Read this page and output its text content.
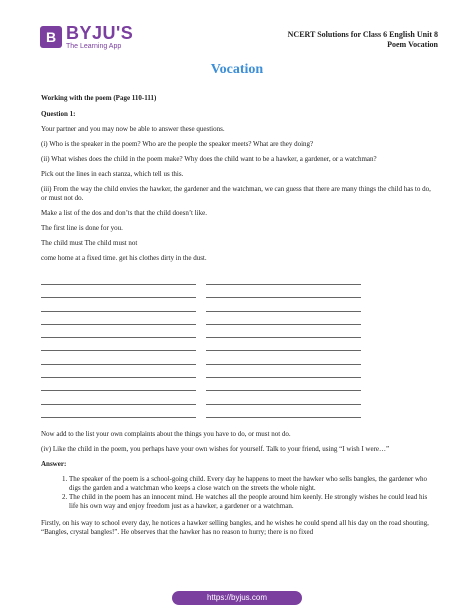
B BYJU'S
The Learning App
NCERT Solutions for Class 6 English Unit 8
Poem Vocation
Vocation

Working with the poem (Page 110-111)

Question 1:

Your partner and you may now be able to answer these questions.

(i) Who is the speaker in the poem? Who are the people the speaker meets? What are they doing?

(ii) What wishes does the child in the poem make? Why does the child want to be a hawker, a gardener, or a watchman?

Pick out the lines in each stanza, which tell us this.

(iii) From the way the child envies the hawker, the gardener and the watchman, we can guess that there are many things the child has to do, or must not do.

Make a list of the dos and don’ts that the child doesn’t like.

The first line is done for you.

The child must The child must not

come home at a fixed time. get his clothes dirty in the dust.

Now add to the list your own complaints about the things you have to do, or must not do.

(iv) Like the child in the poem, you perhaps have your own wishes for yourself. Talk to your friend, using “I wish I were…”

Answer:

1. The speaker of the poem is a school-going child. Every day he happens to meet the hawker who sells bangles, the gardener who digs the garden and a watchman who keeps a close watch on the streets the whole night.
2. The child in the poem has an innocent mind. He watches all the people around him keenly. He strongly wishes he could lead his life his own way and enjoy freedom just as a hawker, a gardener or a watchman.

Firstly, on his way to school every day, he notices a hawker selling bangles, and he wishes he could spend all his day on the road shouting, “Bangles, crystal bangles!”. He observes that the hawker has no reason to hurry; there is no fixed

https://byjus.com
